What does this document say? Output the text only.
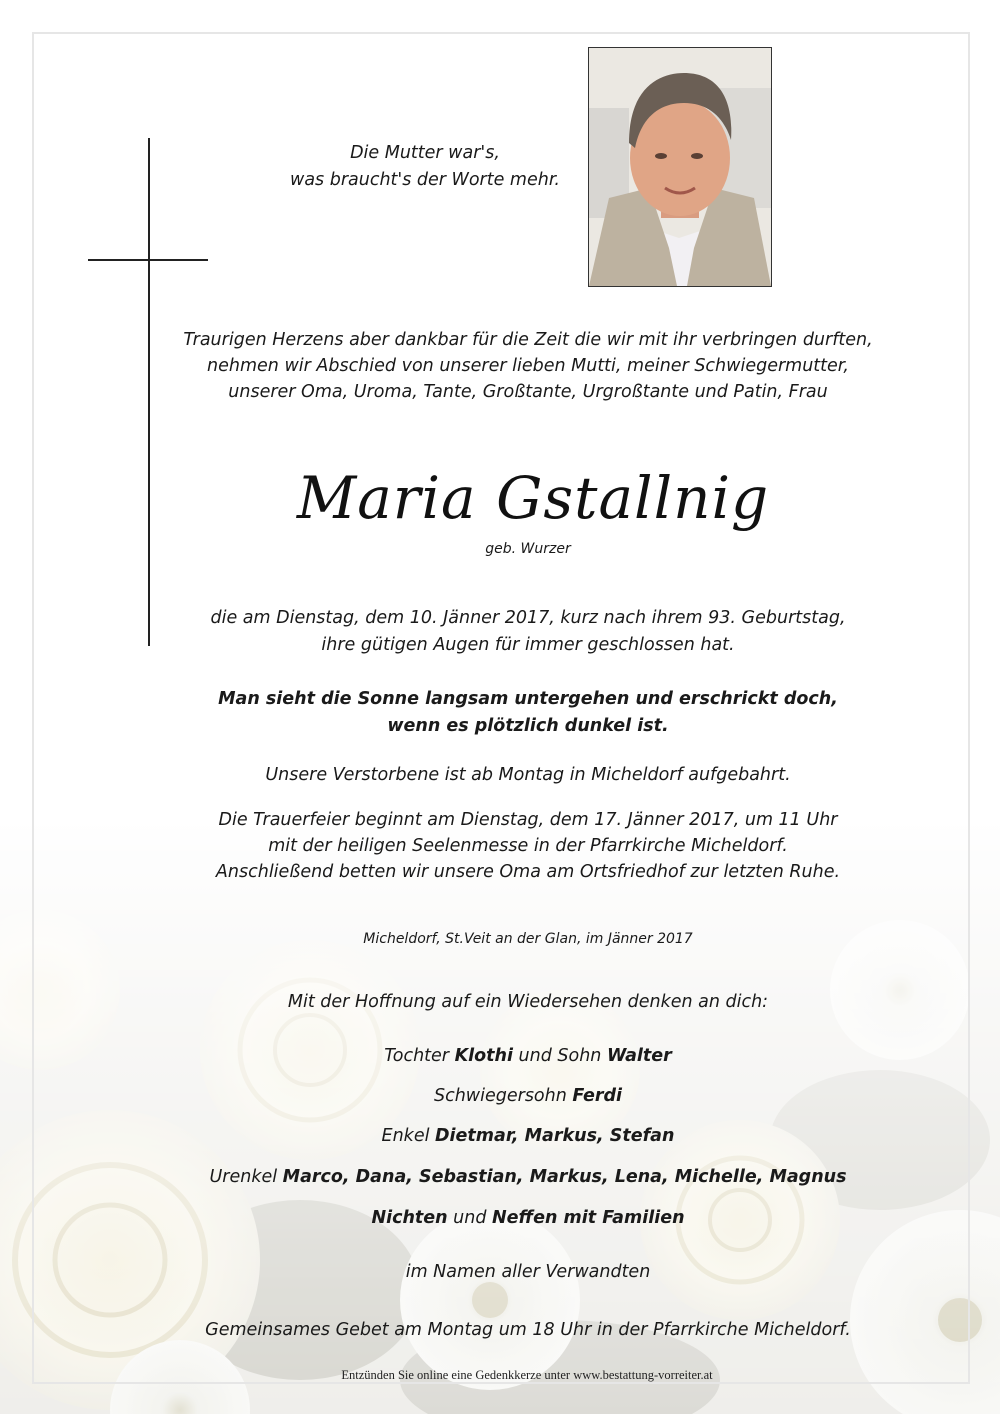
Die Mutter war's,
was braucht's der Worte mehr.
Traurigen Herzens aber dankbar für die Zeit die wir mit ihr verbringen durften,
nehmen wir Abschied von unserer lieben Mutti, meiner Schwiegermutter,
unserer Oma, Uroma, Tante, Großtante, Urgroßtante und Patin, Frau
Maria Gstallnig
geb. Wurzer
die am Dienstag, dem 10. Jänner 2017, kurz nach ihrem 93. Geburtstag,
ihre gütigen Augen für immer geschlossen hat.
Man sieht die Sonne langsam untergehen und erschrickt doch,
wenn es plötzlich dunkel ist.
Unsere Verstorbene ist ab Montag in Micheldorf aufgebahrt.
Die Trauerfeier beginnt am Dienstag, dem 17. Jänner 2017, um 11 Uhr
mit der heiligen Seelenmesse in der Pfarrkirche Micheldorf.
Anschließend betten wir unsere Oma am Ortsfriedhof zur letzten Ruhe.
Micheldorf, St.Veit an der Glan, im Jänner 2017
Mit der Hoffnung auf ein Wiedersehen denken an dich:
Tochter Klothi und Sohn Walter
Schwiegersohn Ferdi
Enkel Dietmar, Markus, Stefan
Urenkel Marco, Dana, Sebastian, Markus, Lena, Michelle, Magnus
Nichten und Neffen mit Familien
im Namen aller Verwandten
Gemeinsames Gebet am Montag um 18 Uhr in der Pfarrkirche Micheldorf.
Entzünden Sie online eine Gedenkkerze unter www.bestattung-vorreiter.at
